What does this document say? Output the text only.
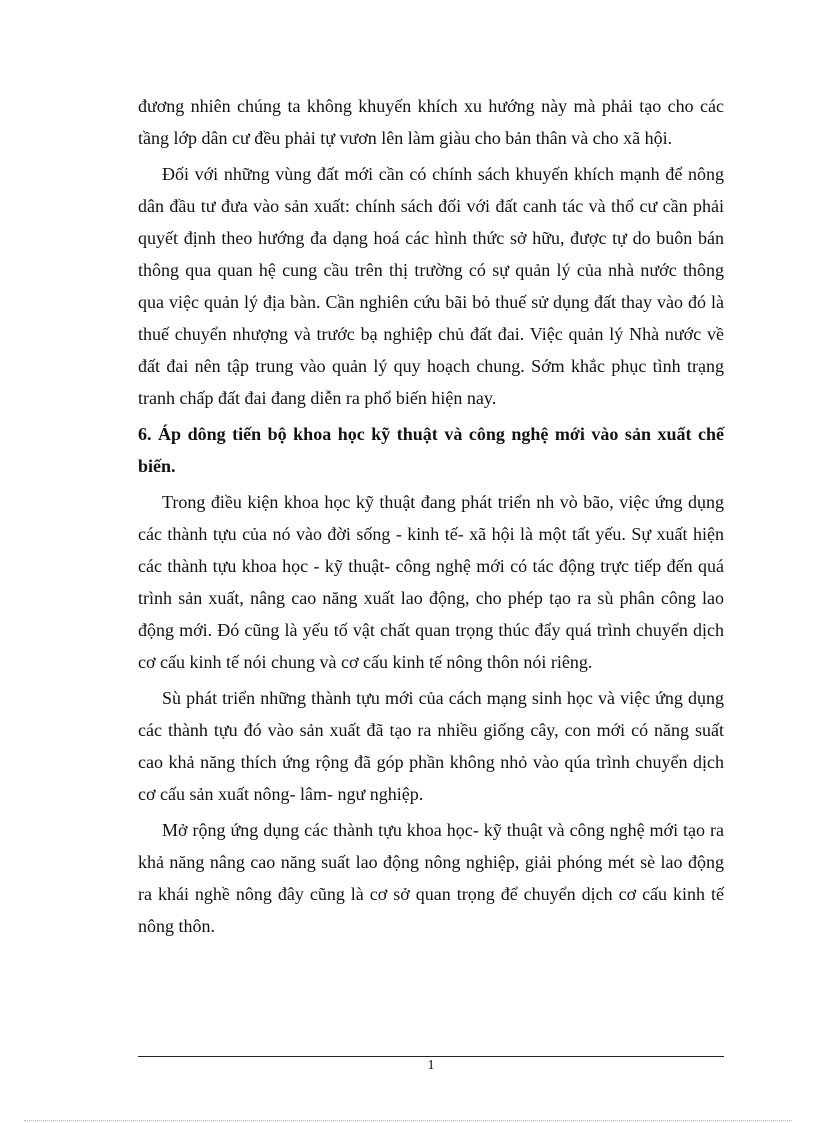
đương nhiên chúng ta không khuyến khích xu hướng này mà phải tạo cho các tầng lớp dân cư đều phải tự vươn lên làm giàu cho bản thân và cho xã hội.

Đối với những vùng đất mới cần có chính sách khuyến khích mạnh để nông dân đầu tư đưa vào sản xuất: chính sách đối với đất canh tác và thổ cư cần phải quyết định theo hướng đa dạng hoá các hình thức sở hữu, được tự do buôn bán thông qua quan hệ cung cầu trên thị trường có sự quản lý của nhà nước thông qua việc quản lý địa bàn. Cần nghiên cứu bãi bỏ thuế sử dụng đất thay vào đó là thuế chuyển nhượng và trước bạ nghiệp chủ đất đai. Việc quản lý Nhà nước về đất đai nên tập trung vào quản lý quy hoạch chung. Sớm khắc phục tình trạng tranh chấp đất đai đang diễn ra phổ biến hiện nay.

6. Áp dông tiến bộ khoa học kỹ thuật và công nghệ mới vào sản xuất chế biến.

Trong điều kiện khoa học kỹ thuật đang phát triển nh vò bão, việc ứng dụng các thành tựu của nó vào đời sống - kinh tế- xã hội là một tất yếu. Sự xuất hiện các thành tựu khoa học - kỹ thuật- công nghệ mới có tác động trực tiếp đến quá trình sản xuất, nâng cao năng xuất lao động, cho phép tạo ra sù phân công lao động mới. Đó cũng là yếu tố vật chất quan trọng thúc đẩy quá trình chuyển dịch cơ cấu kinh tế nói chung và cơ cấu kinh tế nông thôn nói riêng.

Sù phát triển những thành tựu mới của cách mạng sinh học và việc ứng dụng các thành tựu đó vào sản xuất đã tạo ra nhiều giống cây, con mới có năng suất cao khả năng thích ứng rộng đã góp phần không nhỏ vào qúa trình chuyển dịch cơ cấu sản xuất nông- lâm- ngư nghiệp.

Mở rộng ứng dụng các thành tựu khoa học- kỹ thuật và công nghệ mới tạo ra khả năng nâng cao năng suất lao động nông nghiệp, giải phóng mét sè lao động ra khái nghề nông đây cũng là cơ sở quan trọng để chuyển dịch cơ cấu kinh tế nông thôn.

1
